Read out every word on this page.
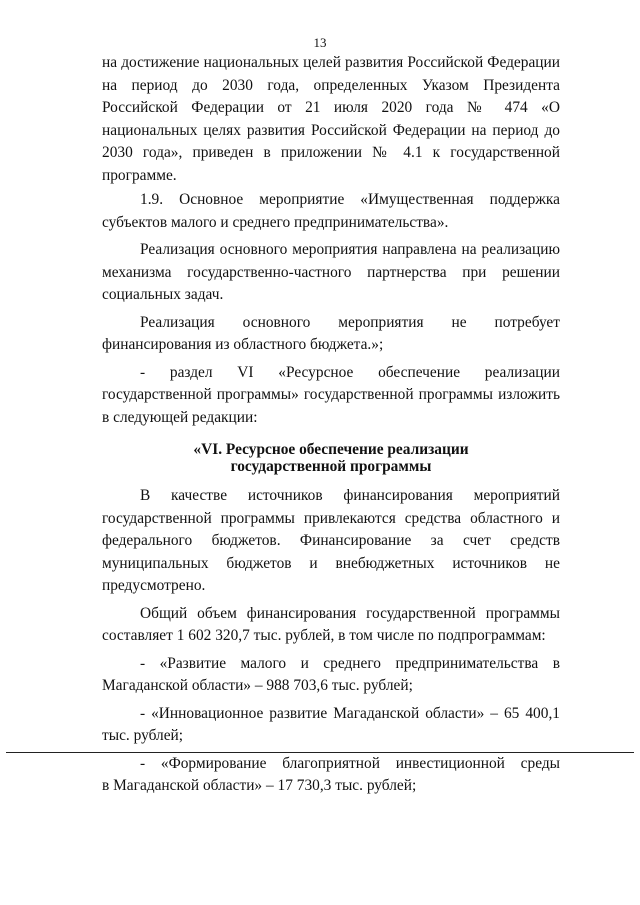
13

на достижение национальных целей развития Российской Федерации на период до 2030 года, определенных Указом Президента Российской Федерации от 21 июля 2020 года № 474 «О национальных целях развития Российской Федерации на период до 2030 года», приведен в приложении № 4.1 к государственной программе.

1.9. Основное мероприятие «Имущественная поддержка субъектов малого и среднего предпринимательства».

Реализация основного мероприятия направлена на реализацию механизма государственно-частного партнерства при решении социальных задач.

Реализация основного мероприятия не потребует финансирования из областного бюджета.»;

- раздел VI «Ресурсное обеспечение реализации государственной программы» государственной программы изложить в следующей редакции:

«VI. Ресурсное обеспечение реализации
государственной программы

В качестве источников финансирования мероприятий государственной программы привлекаются средства областного и федерального бюджетов. Финансирование за счет средств муниципальных бюджетов и внебюджетных источников не предусмотрено.

Общий объем финансирования государственной программы составляет 1 602 320,7 тыс. рублей, в том числе по подпрограммам:

- «Развитие малого и среднего предпринимательства в Магаданской области» – 988 703,6 тыс. рублей;

- «Инновационное развитие Магаданской области» – 65 400,1 тыс. рублей;

- «Формирование благоприятной инвестиционной среды

в Магаданской области» – 17 730,3 тыс. рублей;
